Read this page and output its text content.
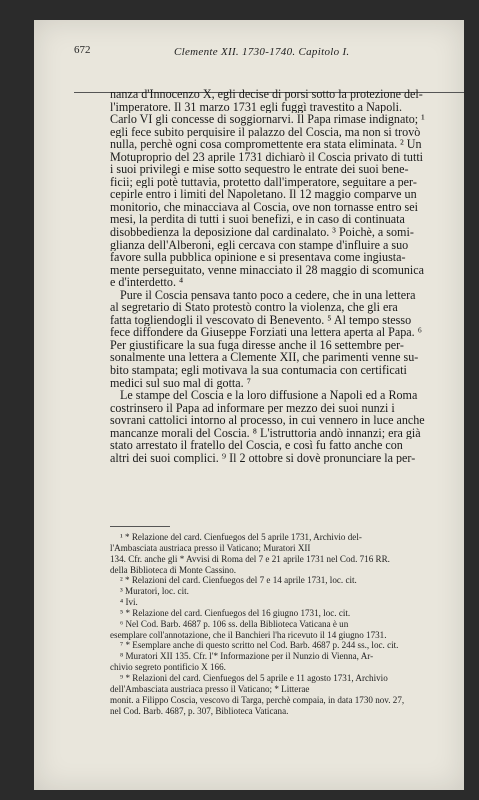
672	Clemente XII. 1730-1740. Capitolo I.
nanza d'Innocenzo X, egli decise di porsi sotto la protezione del-
l'imperatore. Il 31 marzo 1731 egli fuggì travestito a Napoli.
Carlo VI gli concesse di soggiornarvi. Il Papa rimase indignato; ¹
egli fece subito perquisire il palazzo del Coscia, ma non si trovò
nulla, perchè ogni cosa compromettente era stata eliminata. ² Un
Motuproprio del 23 aprile 1731 dichiarò il Coscia privato di tutti
i suoi privilegi e mise sotto sequestro le entrate dei suoi bene-
ficii; egli potè tuttavia, protetto dall'imperatore, seguitare a per-
cepirle entro i limiti del Napoletano. Il 12 maggio comparve un
monitorio, che minacciava al Coscia, ove non tornasse entro sei
mesi, la perdita di tutti i suoi benefizi, e in caso di continuata
disobbedienza la deposizione dal cardinalato. ³ Poichè, a somi-
glianza dell'Alberoni, egli cercava con stampe d'influire a suo
favore sulla pubblica opinione e si presentava come ingiusta-
mente perseguitato, venne minacciato il 28 maggio di scomunica
e d'interdetto. ⁴
Pure il Coscia pensava tanto poco a cedere, che in una lettera
al segretario di Stato protestò contro la violenza, che gli era
fatta togliendogli il vescovato di Benevento. ⁵ Al tempo stesso
fece diffondere da Giuseppe Forziati una lettera aperta al Papa. ⁶
Per giustificare la sua fuga diresse anche il 16 settembre per-
sonalmente una lettera a Clemente XII, che parimenti venne su-
bito stampata; egli motivava la sua contumacia con certificati
medici sul suo mal di gotta. ⁷
Le stampe del Coscia e la loro diffusione a Napoli ed a Roma
costrinsero il Papa ad informare per mezzo dei suoi nunzi i
sovrani cattolici intorno al processo, in cui vennero in luce anche
mancanze morali del Coscia. ⁸ L'istruttoria andò innanzi; era già
stato arrestato il fratello del Coscia, e così fu fatto anche con
altri dei suoi complici. ⁹ Il 2 ottobre si dovè pronunciare la per-
¹ * Relazione del card. Cienfuegos del 5 aprile 1731, Archivio del-
l'Ambasciata austriaca presso il Vaticano; Muratori XII
134. Cfr. anche gli * Avvisi di Roma del 7 e 21 aprile 1731 nel Cod. 716 RR.
della Biblioteca di Monte Cassino.
² * Relazioni del card. Cienfuegos del 7 e 14 aprile 1731, loc. cit.
³ Muratori, loc. cit.
⁴ Ivi.
⁵ * Relazione del card. Cienfuegos del 16 giugno 1731, loc. cit.
⁶ Nel Cod. Barb. 4687 p. 106 ss. della Biblioteca Vaticana è un
esemplare coll'annotazione, che il Banchieri l'ha ricevuto il 14 giugno 1731.
⁷ * Esemplare anche di questo scritto nel Cod. Barb. 4687 p. 244 ss., loc. cit.
⁸ Muratori XII 135. Cfr. l'* Informazione per il Nunzio di Vienna, Ar-
chivio segreto pontificio X 166.
⁹ * Relazioni del card. Cienfuegos del 5 aprile e 11 agosto 1731, Archivio
dell'Ambasciata austriaca presso il Vaticano; * Litterae
monit. a Filippo Coscia, vescovo di Targa, perchè compaia, in data 1730 nov. 27,
nel Cod. Barb. 4687, p. 307, Biblioteca Vaticana.
